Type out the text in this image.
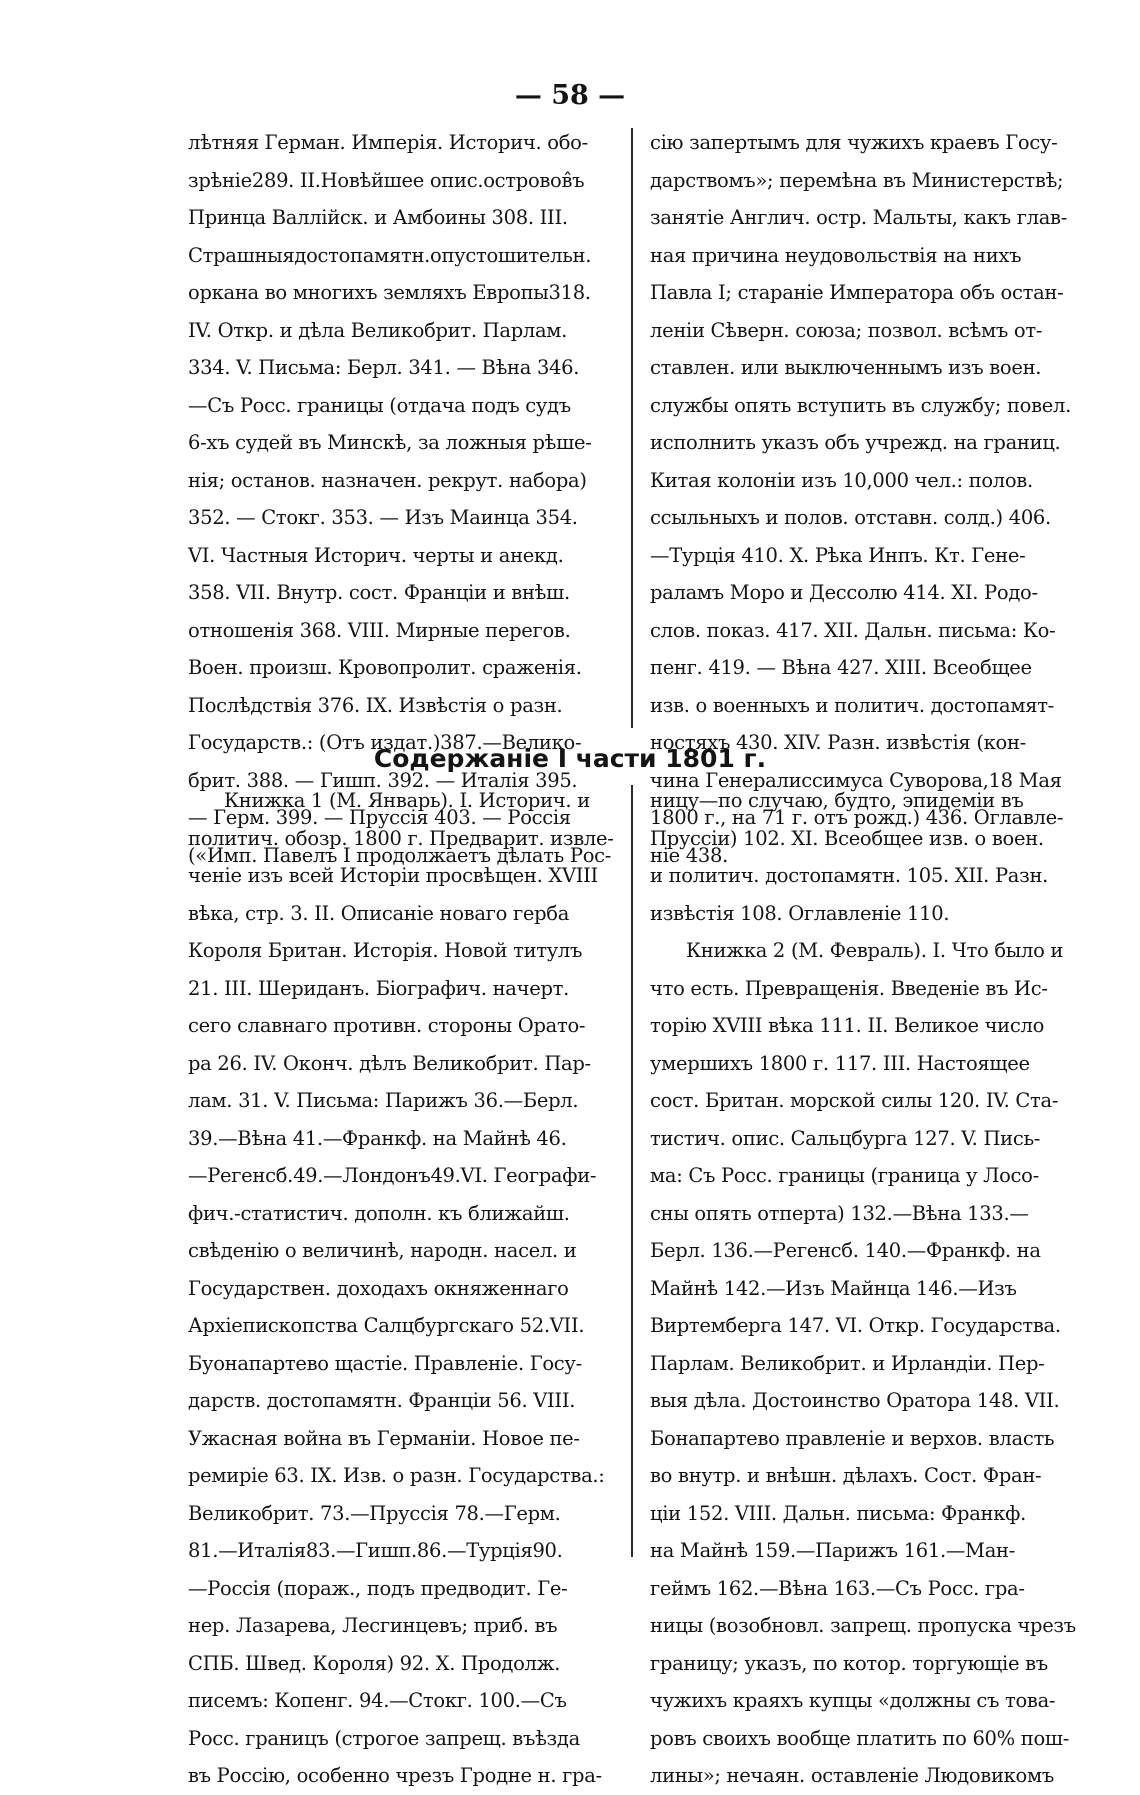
— 58 —
лѣтняя Герман. Имперія. Историч. обо-
зрѣніе289. II.Новѣйшее опис.островов̂ъ
Принца Валлійск. и Амбоины 308. III.
Страшныядостопамятн.опустошительн.
оркана во многихъ земляхъ Европы318.
IV. Откр. и дѣла Великобрит. Парлам.
334. V. Письма: Берл. 341. — Вѣна 346.
—Съ Росс. границы (отдача подъ судъ
6-хъ судей въ Минскѣ, за ложныя рѣше-
нія; останов. назначен. рекрут. набора)
352. — Стокг. 353. — Изъ Маинца 354.
VI. Частныя Историч. черты и анекд.
358. VII. Внутр. сост. Франціи и внѣш.
отношенія 368. VIII. Мирные перегов.
Воен. произш. Кровопролит. сраженія.
Послѣдствія 376. IX. Извѣстія о разн.
Государств.: (Отъ издат.)387.—Велико-
брит. 388. — Гишп. 392. — Италія 395.
— Герм. 399. — Пруссія 403. — Россія
(«Имп. Павелъ I продолжаетъ дѣлать Рос-
сію запертымъ для чужихъ краевъ Госу-
дарствомъ»; перемѣна въ Министерствѣ;
занятіе Англич. остр. Мальты, какъ глав-
ная причина неудовольствія на нихъ
Павла I; стараніе Императора объ остан-
леніи Сѣверн. союза; позвол. всѣмъ от-
ставлен. или выключеннымъ изъ воен.
службы опять вступить въ службу; повел.
исполнить указъ объ учрежд. на границ.
Китая колоніи изъ 10,000 чел.: полов.
ссыльныхъ и полов. отставн. солд.) 406.
—Турція 410. X. Рѣка Инпъ. Кт. Гене-
раламъ Моро и Дессолю 414. XI. Родо-
слов. показ. 417. XII. Дальн. письма: Ко-
пенг. 419. — Вѣна 427. XIII. Всеобщее
изв. о военныхъ и политич. достопамят-
ностяхъ 430. XIV. Разн. извѣстія (кон-
чина Генералиссимуса Суворова,18 Мая
1800 г., на 71 г. отъ рожд.) 436. Оглавле-
ніе 438.
Содержаніе I части 1801 г.
Книжка 1 (М. Январь). I. Историч. и
политич. обозр. 1800 г. Предварит. извле-
ченіе изъ всей Исторіи просвѣщен. XVIII
вѣка, стр. 3. II. Описаніе новаго герба
Короля Британ. Исторія. Новой титулъ
21. III. Шериданъ. Біографич. начерт.
сего славнаго противн. стороны Орато-
ра 26. IV. Оконч. дѣлъ Великобрит. Пар-
лам. 31. V. Письма: Парижъ 36.—Берл.
39.—Вѣна 41.—Франкф. на Майнѣ 46.
—Регенсб.49.—Лондонъ49.VI. Географи-
фич.-статистич. дополн. къ ближайш.
свѣденію о величинѣ, народн. насел. и
Государствен. доходахъ окняженнаго
Архіепископства Салцбургскаго 52.VII.
Буонапартево щастіе. Правленіе. Госу-
дарств. достопамятн. Франціи 56. VIII.
Ужасная война въ Германіи. Новое пе-
ремиріе 63. IX. Изв. о разн. Государства.:
Великобрит. 73.—Пруссія 78.—Герм.
81.—Италія83.—Гишп.86.—Турція90.
—Россія (пораж., подъ предводит. Ге-
нер. Лазарева, Лесгинцевъ; приб. въ
СПБ. Швед. Короля) 92. X. Продолж.
писемъ: Копенг. 94.—Стокг. 100.—Съ
Росс. границъ (строгое запрещ. въѣзда
въ Россію, особенно чрезъ Гродне н. гра-
ницу—по случаю, будто, эпидеміи въ
Пруссіи) 102. XI. Всеобщее изв. о воен.
и политич. достопамятн. 105. XII. Разн.
извѣстія 108. Оглавленіе 110.
Книжка 2 (М. Февраль). I. Что было и
что есть. Превращенія. Введеніе въ Ис-
торію XVIII вѣка 111. II. Великое число
умершихъ 1800 г. 117. III. Настоящее
сост. Британ. морской силы 120. IV. Ста-
тистич. опис. Сальцбурга 127. V. Пись-
ма: Съ Росс. границы (граница у Лосо-
сны опять отперта) 132.—Вѣна 133.—
Берл. 136.—Регенсб. 140.—Франкф. на
Майнѣ 142.—Изъ Майнца 146.—Изъ
Виртемберга 147. VI. Откр. Государства.
Парлам. Великобрит. и Ирландіи. Пер-
выя дѣла. Достоинство Оратора 148. VII.
Бонапартево правленіе и верхов. власть
во внутр. и внѣшн. дѣлахъ. Сост. Фран-
ціи 152. VIII. Дальн. письма: Франкф.
на Майнѣ 159.—Парижъ 161.—Ман-
геймъ 162.—Вѣна 163.—Съ Росс. гра-
ницы (возобновл. запрещ. пропуска чрезъ
границу; указъ, по котор. торгующіе въ
чужихъ краяхъ купцы «должны съ това-
ровъ своихъ вообще платить по 60% пош-
лины»; нечаян. оставленіе Людовикомъ
